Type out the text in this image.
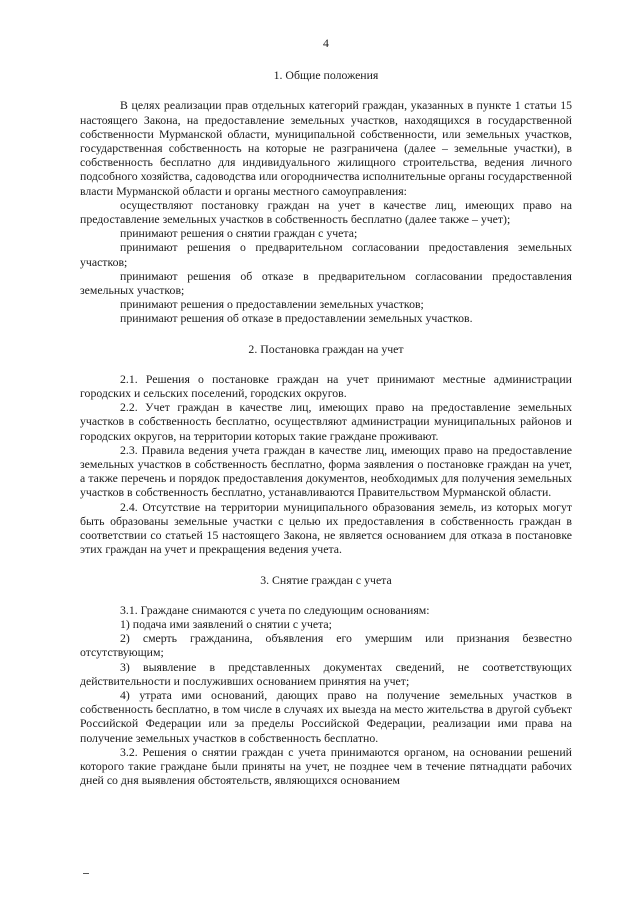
4
1. Общие положения

В целях реализации прав отдельных категорий граждан, указанных в пункте 1 статьи 15 настоящего Закона, на предоставление земельных участков, находящихся в государственной собственности Мурманской области, муниципальной собственности, или земельных участков, государственная собственность на которые не разграничена (далее – земельные участки), в собственность бесплатно для индивидуального жилищного строительства, ведения личного подсобного хозяйства, садоводства или огородничества исполнительные органы государственной власти Мурманской области и органы местного самоуправления:

осуществляют постановку граждан на учет в качестве лиц, имеющих право на предоставление земельных участков в собственность бесплатно (далее также – учет);

принимают решения о снятии граждан с учета;

принимают решения о предварительном согласовании предоставления земельных участков;

принимают решения об отказе в предварительном согласовании предоставления земельных участков;

принимают решения о предоставлении земельных участков;

принимают решения об отказе в предоставлении земельных участков.

2. Постановка граждан на учет

2.1. Решения о постановке граждан на учет принимают местные администрации городских и сельских поселений, городских округов.

2.2. Учет граждан в качестве лиц, имеющих право на предоставление земельных участков в собственность бесплатно, осуществляют администрации муниципальных районов и городских округов, на территории которых такие граждане проживают.

2.3. Правила ведения учета граждан в качестве лиц, имеющих право на предоставление земельных участков в собственность бесплатно, форма заявления о постановке граждан на учет, а также перечень и порядок предоставления документов, необходимых для получения земельных участков в собственность бесплатно, устанавливаются Правительством Мурманской области.

2.4. Отсутствие на территории муниципального образования земель, из которых могут быть образованы земельные участки с целью их предоставления в собственность граждан в соответствии со статьей 15 настоящего Закона, не является основанием для отказа в постановке этих граждан на учет и прекращения ведения учета.

3. Снятие граждан с учета

3.1. Граждане снимаются с учета по следующим основаниям:

1) подача ими заявлений о снятии с учета;

2) смерть гражданина, объявления его умершим или признания безвестно отсутствующим;

3) выявление в представленных документах сведений, не соответствующих действительности и послуживших основанием принятия на учет;

4) утрата ими оснований, дающих право на получение земельных участков в собственность бесплатно, в том числе в случаях их выезда на место жительства в другой субъект Российской Федерации или за пределы Российской Федерации, реализации ими права на получение земельных участков в собственность бесплатно.

3.2. Решения о снятии граждан с учета принимаются органом, на основании решений которого такие граждане были приняты на учет, не позднее чем в течение пятнадцати рабочих дней со дня выявления обстоятельств, являющихся основанием
